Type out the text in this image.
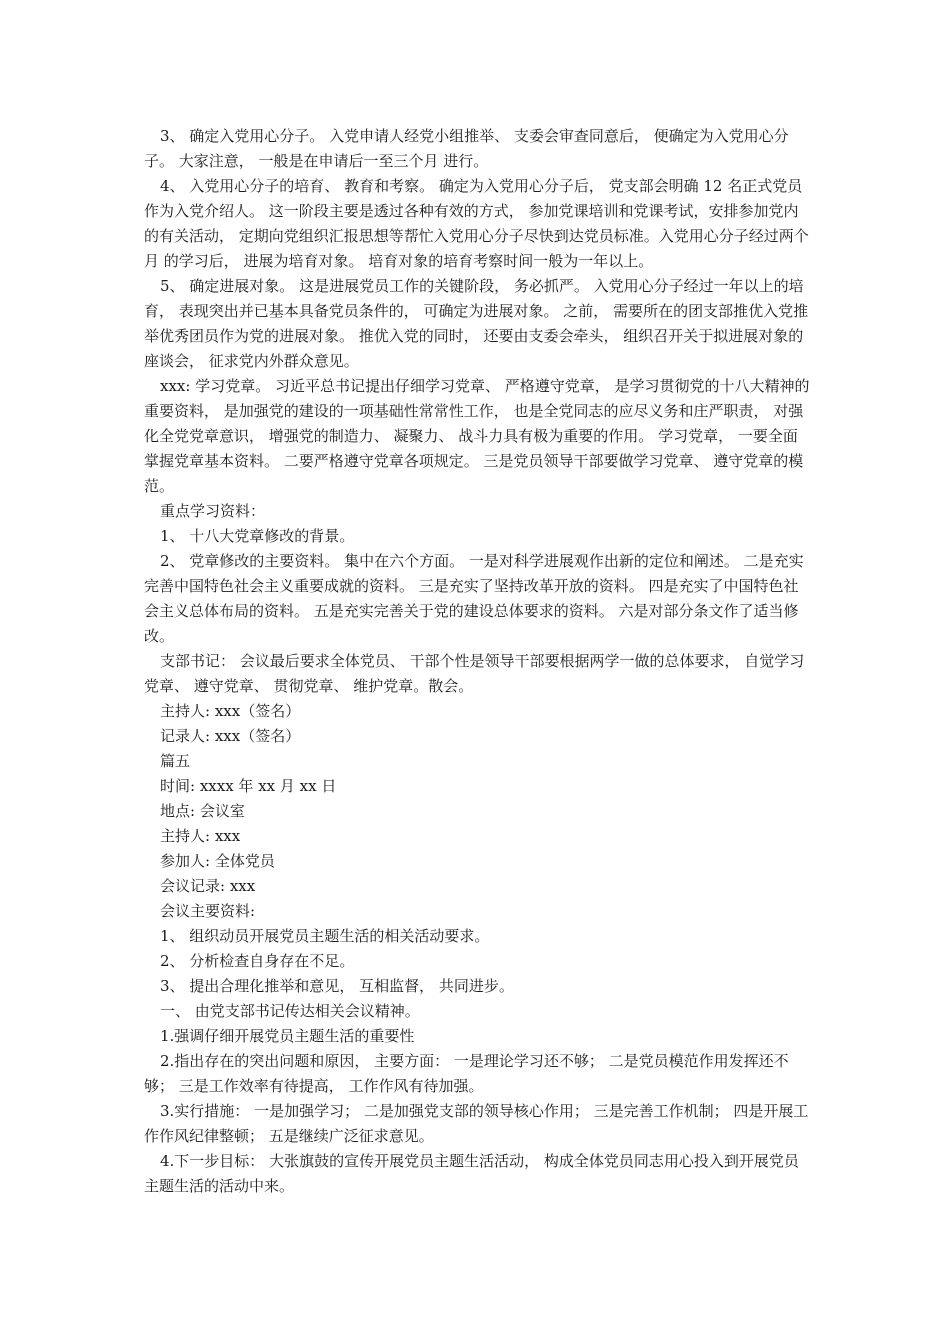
3、 确定入党用心分子。 入党申请人经党小组推举、 支委会审查同意后， 便确定为入党用心分子。 大家注意， 一般是在申请后一至三个月 进行。

4、 入党用心分子的培育、 教育和考察。 确定为入党用心分子后， 党支部会明确 12 名正式党员作为入党介绍人。 这一阶段主要是透过各种有效的方式， 参加党课培训和党课考试，安排参加党内的有关活动， 定期向党组织汇报思想等帮忙入党用心分子尽快到达党员标准。入党用心分子经过两个月 的学习后， 进展为培育对象。 培育对象的培育考察时间一般为一年以上。

5、 确定进展对象。 这是进展党员工作的关键阶段， 务必抓严。 入党用心分子经过一年以上的培育， 表现突出并已基本具备党员条件的， 可确定为进展对象。 之前， 需要所在的团支部推优入党推举优秀团员作为党的进展对象。 推优入党的同时， 还要由支委会牵头， 组织召开关于拟进展对象的座谈会， 征求党内外群众意见。

xxx: 学习党章。 习近平总书记提出仔细学习党章、 严格遵守党章， 是学习贯彻党的十八大精神的重要资料， 是加强党的建设的一项基础性常常性工作， 也是全党同志的应尽义务和庄严职责， 对强化全党党章意识， 增强党的制造力、 凝聚力、 战斗力具有极为重要的作用。 学习党章， 一要全面掌握党章基本资料。 二要严格遵守党章各项规定。 三是党员领导干部要做学习党章、 遵守党章的模范。

重点学习资料：

1、 十八大党章修改的背景。

2、 党章修改的主要资料。 集中在六个方面。 一是对科学进展观作出新的定位和阐述。 二是充实完善中国特色社会主义重要成就的资料。 三是充实了坚持改革开放的资料。 四是充实了中国特色社会主义总体布局的资料。 五是充实完善关于党的建设总体要求的资料。 六是对部分条文作了适当修改。

支部书记： 会议最后要求全体党员、 干部个性是领导干部要根据两学一做的总体要求， 自觉学习党章、 遵守党章、 贯彻党章、 维护党章。散会。

主持人: xxx（签名）

记录人: xxx（签名）

篇五

时间: xxxx 年 xx 月 xx 日

地点: 会议室

主持人: xxx

参加人: 全体党员

会议记录: xxx

会议主要资料:

1、 组织动员开展党员主题生活的相关活动要求。

2、 分析检查自身存在不足。

3、 提出合理化推举和意见， 互相监督， 共同进步。

一、 由党支部书记传达相关会议精神。

1.强调仔细开展党员主题生活的重要性

2.指出存在的突出问题和原因， 主要方面： 一是理论学习还不够； 二是党员模范作用发挥还不够； 三是工作效率有待提高， 工作作风有待加强。

3.实行措施： 一是加强学习； 二是加强党支部的领导核心作用； 三是完善工作机制； 四是开展工作作风纪律整顿； 五是继续广泛征求意见。

4.下一步目标： 大张旗鼓的宣传开展党员主题生活活动， 构成全体党员同志用心投入到开展党员主题生活的活动中来。
